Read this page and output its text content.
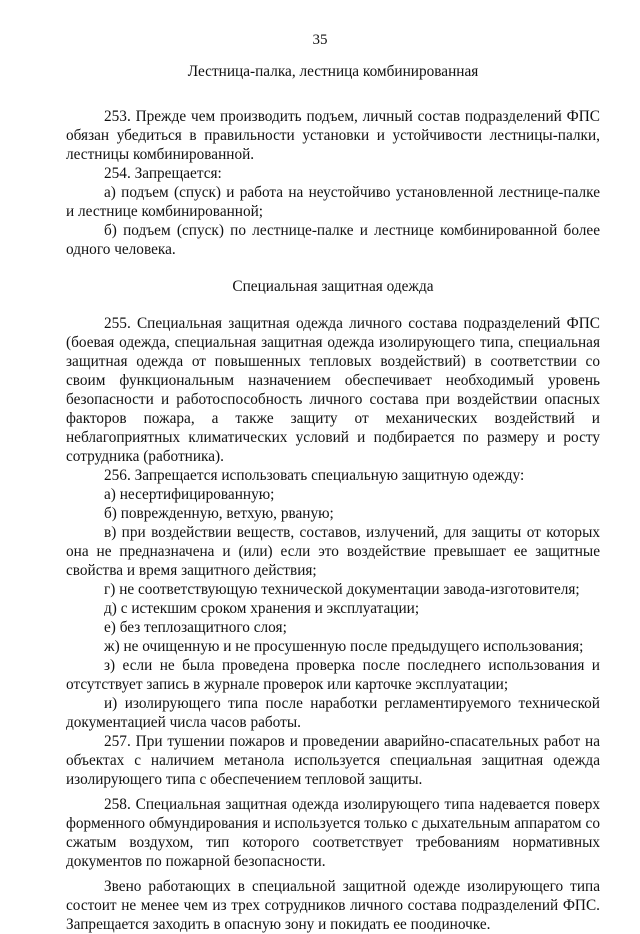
35

Лестница-палка, лестница комбинированная

253. Прежде чем производить подъем, личный состав подразделений ФПС обязан убедиться в правильности установки и устойчивости лестницы-палки, лестницы комбинированной.

254. Запрещается:

а) подъем (спуск) и работа на неустойчиво установленной лестнице-палке и лестнице комбинированной;

б) подъем (спуск) по лестнице-палке и лестнице комбинированной более одного человека.

Специальная защитная одежда

255. Специальная защитная одежда личного состава подразделений ФПС (боевая одежда, специальная защитная одежда изолирующего типа, специальная защитная одежда от повышенных тепловых воздействий) в соответствии со своим функциональным назначением обеспечивает необходимый уровень безопасности и работоспособность личного состава при воздействии опасных факторов пожара, а также защиту от механических воздействий и неблагоприятных климатических условий и подбирается по размеру и росту сотрудника (работника).

256. Запрещается использовать специальную защитную одежду:

а) несертифицированную;

б) поврежденную, ветхую, рваную;

в) при воздействии веществ, составов, излучений, для защиты от которых она не предназначена и (или) если это воздействие превышает ее защитные свойства и время защитного действия;

г) не соответствующую технической документации завода-изготовителя;

д) с истекшим сроком хранения и эксплуатации;

е) без теплозащитного слоя;

ж) не очищенную и не просушенную после предыдущего использования;

з) если не была проведена проверка после последнего использования и отсутствует запись в журнале проверок или карточке эксплуатации;

и) изолирующего типа после наработки регламентируемого технической документацией числа часов работы.

257. При тушении пожаров и проведении аварийно-спасательных работ на объектах с наличием метанола используется специальная защитная одежда изолирующего типа с обеспечением тепловой защиты.

258. Специальная защитная одежда изолирующего типа надевается поверх форменного обмундирования и используется только с дыхательным аппаратом со сжатым воздухом, тип которого соответствует требованиям нормативных документов по пожарной безопасности.

Звено работающих в специальной защитной одежде изолирующего типа состоит не менее чем из трех сотрудников личного состава подразделений ФПС. Запрещается заходить в опасную зону и покидать ее поодиночке.
